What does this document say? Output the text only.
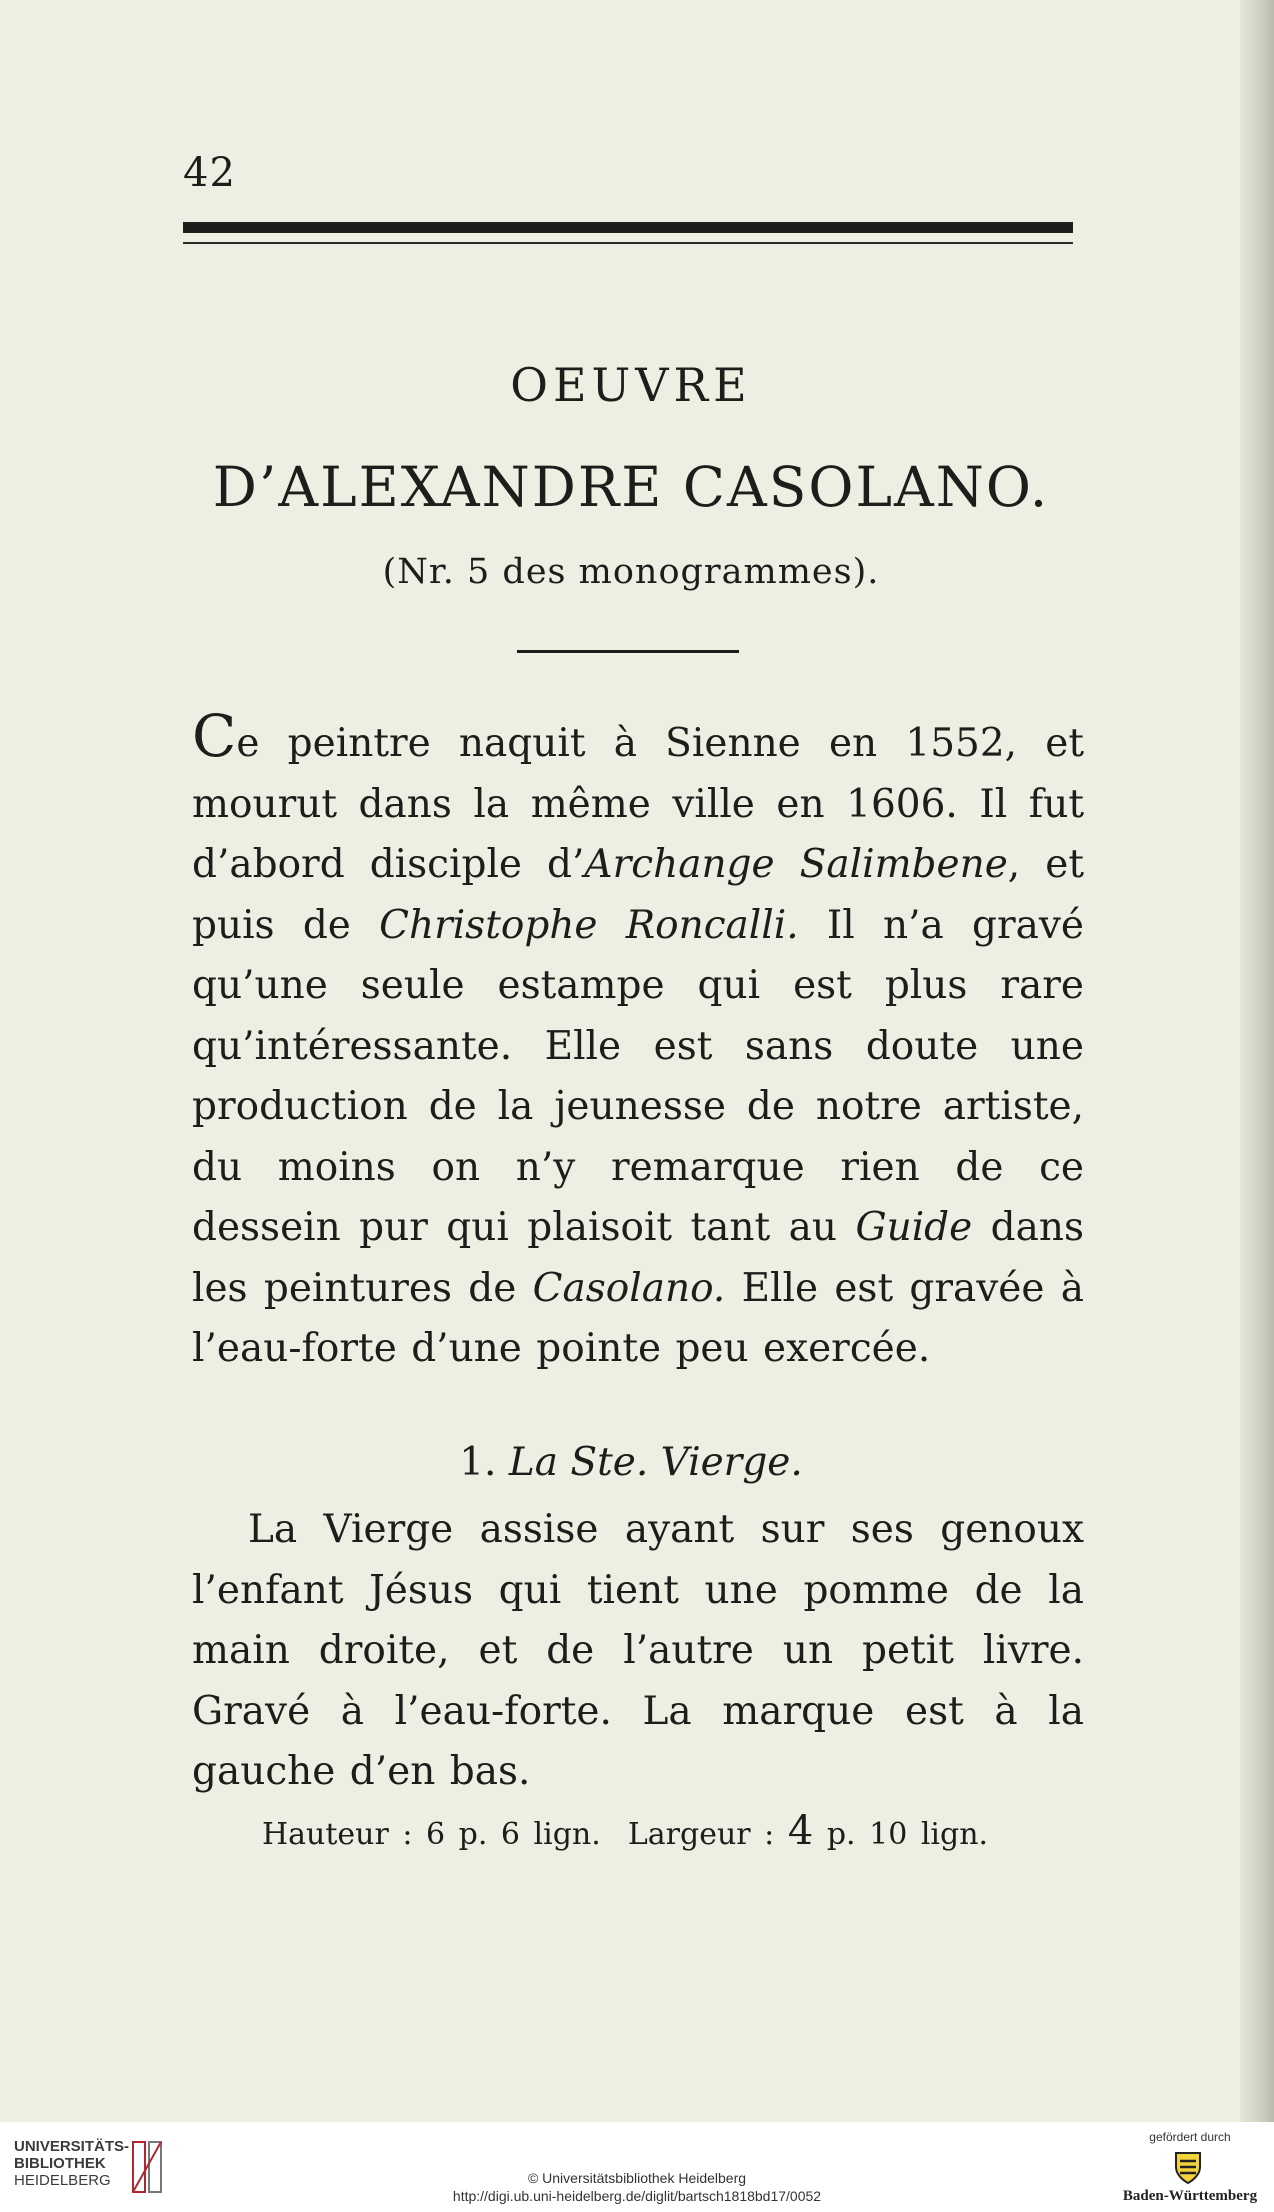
42
OEUVRE
D’ALEXANDRE CASOLANO.
(Nr. 5 des monogrammes).

Ce peintre naquit à Sienne en 1552, et mourut dans la même ville en 1606. Il fut d’abord disciple d’Archange Salimbene, et puis de Christophe Roncalli. Il n’a gravé qu’une seule estampe qui est plus rare qu’intéressante. Elle est sans doute une production de la jeunesse de notre artiste, du moins on n’y remarque rien de ce dessein pur qui plaisoit tant au Guide dans les peintures de Casolano. Elle est gravée à l’eau-forte d’une pointe peu exercée.

1. La Ste. Vierge.

La Vierge assise ayant sur ses genoux l’enfant Jésus qui tient une pomme de la main droite, et de l’autre un petit livre. Gravé à l’eau-forte. La marque est à la gauche d’en bas.

Hauteur : 6 p. 6 lign. Largeur : 4 p. 10 lign.
UNIVERSITÄTS-
BIBLIOTHEK
HEIDELBERG	© Universitätsbibliothek Heidelberg
http://digi.ub.uni-heidelberg.de/diglit/bartsch1818bd17/0052
gefördert durch
Baden-Württemberg
